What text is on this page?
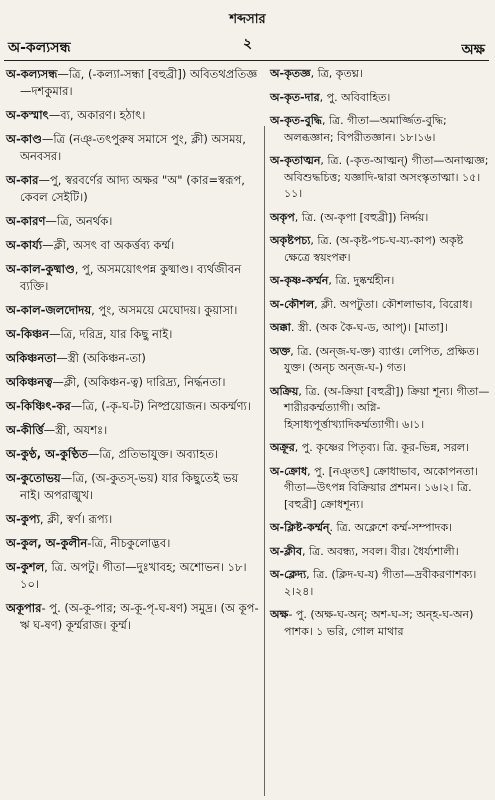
শব্দসার
অ-কল্যসন্ধ	২	অক্ষ
অ-কল্যসন্ধ—ত্রি, (-কল্যা-সন্ধা [বহুব্রী]) অবিতথপ্রতিজ্ঞ —দশকুমার।
অ-কস্মাৎ—ব্য, অকারণ। হঠাৎ।
অ-কাণ্ড—ত্রি (নঞ্‌-তৎপুরুষ সমাসে পুং, ক্লী) অসময়, অনবসর।
অ-কার—পু, স্বরবর্ণের আদ্য অক্ষর "অ" (কার=স্বরূপ, কেবল সেইটি।)
অ-কারণ—ত্রি, অনর্থক।
অ-কার্য্য—ক্লী, অসৎ বা অকর্ত্তব্য কর্ম্ম।
অ-কাল-কুষ্মাণ্ড, পু, অসময়োৎপন্ন কুষ্মাণ্ড। ব্যর্থজীবন ব্যক্তি।
অ-কাল-জলদোদয়, পুং, অসময়ে মেঘোদয়। কুয়াসা।
অ-কিঞ্চন—ত্রি, দরিদ্র, যার কিছু নাই।
অকিঞ্চনতা—স্ত্রী (অকিঞ্চন-তা)
অকিঞ্চনত্ব—ক্লী, (অকিঞ্চন-ত্ব) দারিদ্র্য, নির্দ্ধনতা।
অ-কিঞ্চিৎ-কর—ত্রি, (-কৃ-ঘ-ট) নিষ্প্রয়োজন। অকর্ম্মণ্য।
অ-কীর্ত্তি—স্ত্রী, অযশঃ।
অ-কুণ্ঠ, অ-কুণ্ঠিত—ত্রি, প্রতিভাযুক্ত। অব্যাহত।
অ-কুতোভয়—ত্রি, (অ-কুতস্‌-ভয়) যার কিছুতেই ভয় নাই। অপরাঙ্মুখ।
অ-কুপ্য, ক্লী, স্বর্ণ। রূপ্য।
অ-কুল, অ-কুলীন-ত্রি, নীচকুলোদ্ভব।
অ-কুশল, ত্রি. অপটু। গীতা—দুঃখাবহ; অশোভন। ১৮।১০।
অকূপার- পু. (অ-কূ-পার; অ-কূ-পৃ-ঘ-ষণ) সমুদ্র। (অ কূপ-ঋ ঘ-ষণ) কূর্ম্মরাজ। কূর্ম্ম।
অ-কৃতজ্ঞ, ত্রি, কৃতঘ্ন।
অ-কৃত-দার, পু. অবিবাহিত।
অ-কৃত-বুদ্ধি, ত্রি. গীতা—অমার্জ্জিত-বুদ্ধি; অলব্ধজ্ঞান; বিপরীতজ্ঞান। ১৮।১৬।
অ-কৃতাত্মন, ত্রি. (-কৃত-আত্মন্‌) গীতা—অনাত্মজ্ঞ; অবিশুদ্ধচিত্ত; যজ্ঞাদি-দ্বারা অসংস্কৃতাত্মা। ১৫।১১।
অকৃপ, ত্রি. (অ-কৃপা [বহুব্রী]) নির্দ্দয়।
অকৃষ্টপচ্য, ত্রি. (অ-কৃষ্ট-পচ-ঘ-য্য-কাপ) অকৃষ্ট ক্ষেত্রে স্বয়ংপক্ব।
অ-কৃষ্ণ-কর্ম্মন, ত্রি. দুষ্কর্ম্মহীন।
অ-কৌশল, ক্লী. অপটুতা। কৌশলাভাব, বিরোধ।
অক্কা. স্ত্রী. (অক কৈ-ঘ-ড, আপ্‌)। [মাতা]।
অক্ত, ত্রি. (অন্‌জ-ঘ-ক্ত) ব্যাপ্ত। লেপিত, প্রক্ষিত। যুক্ত। (অন্চ অন্‌জ-ঘ-) গত।
অক্রিয়, ত্রি. (অ-ক্রিয়া [বহুব্রী]) ক্রিয়া শূন্য। গীতা—শারীরকর্ম্মত্যাগী। অগ্নি-হিসাধ্যপূর্ত্তাখ্যাদিকর্ম্মত্যাগী। ৬।১।
অক্রূর, পু. কৃষ্ণের পিতৃব্য। ত্রি. কূর-ভিন্ন, সরল।
অ-ক্রোধ, পু. [নঞ্‌তৎ] ক্রোধাভাব, অকোপনতা। গীতা—উৎপন্ন বিক্রিয়ার প্রশমন। ১৬।২। ত্রি. [বহুব্রী] ক্রোধশূন্য।
অ-ক্লিষ্ট-কর্ম্মন্‌. ত্রি. অক্লেশে কর্ম্ম-সম্পাদক।
অ-ক্লীব, ত্রি. অবন্ধ্য, সবল। বীর। ধৈর্য্যশালী।
অ-ক্লেদ্য, ত্রি. (ক্লিদ-ঘ-য) গীতা—দ্রবীকরণাশক্য। ২।২৪।
অক্ষ- পু. (অক্ষ-ঘ-অন্‌; অশ-ঘ-স; অন্‌হ-ঘ-অন) পাশক। ১ ভরি, গোল মাথার
